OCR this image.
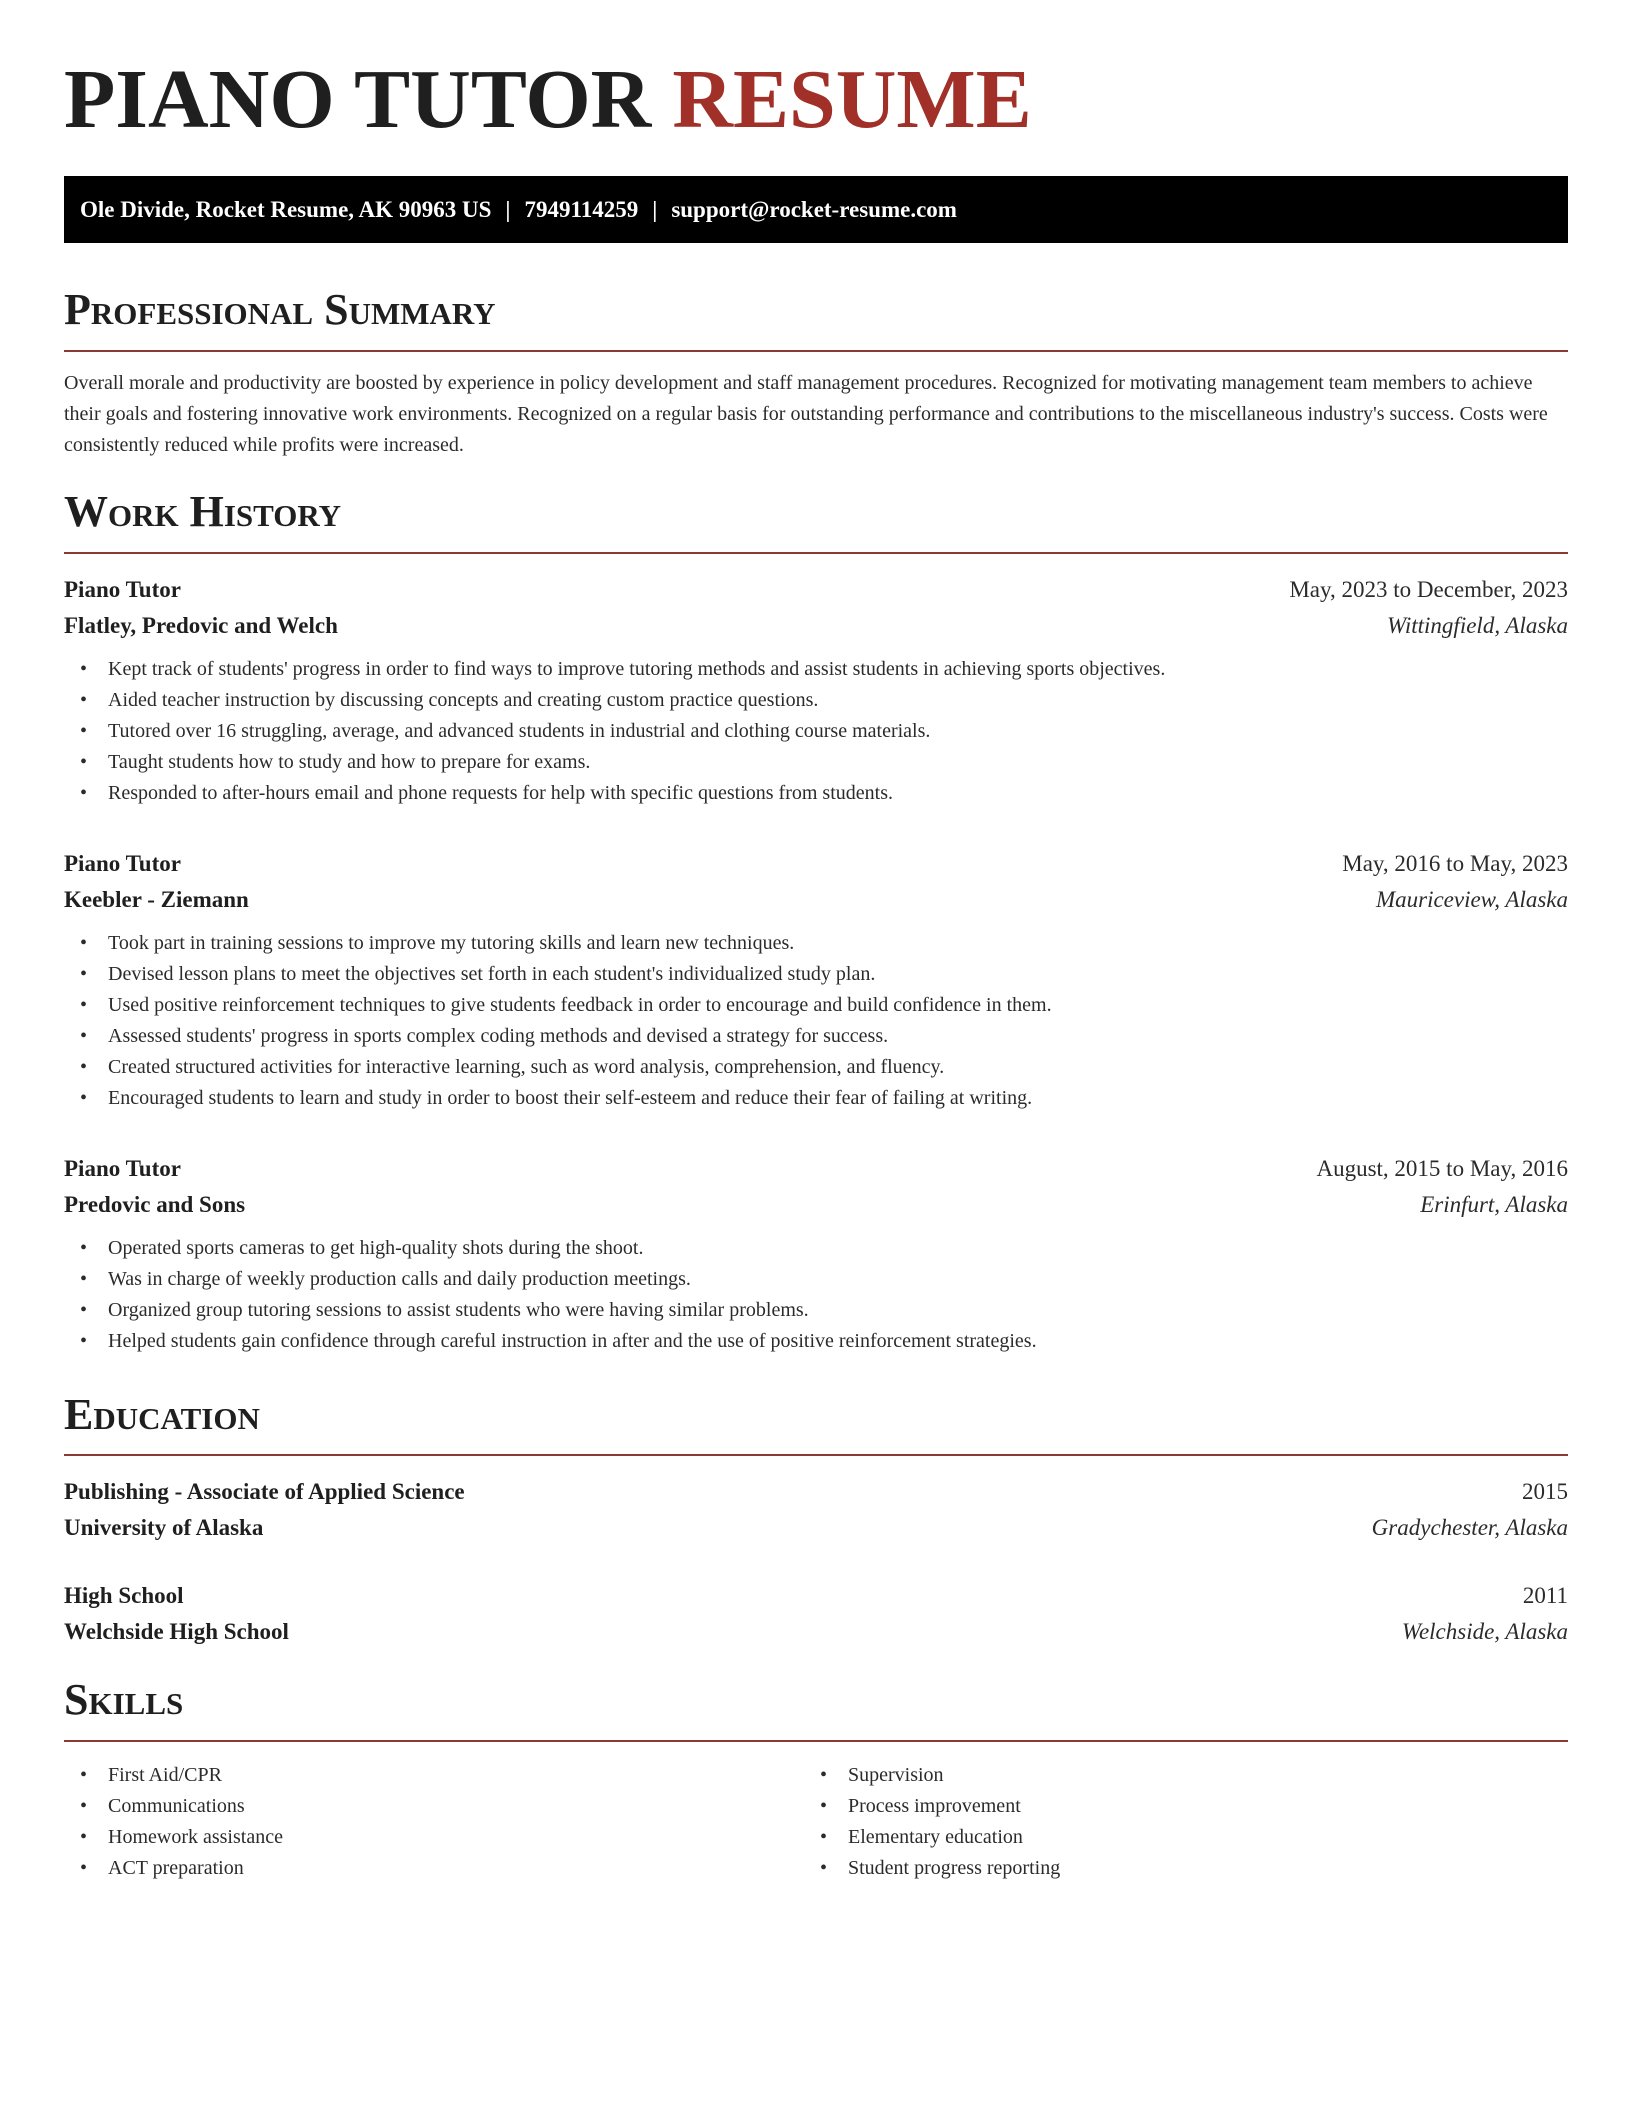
PIANO TUTOR RESUME
Ole Divide, Rocket Resume, AK 90963 US | 7949114259 | support@rocket-resume.com
Professional Summary

Overall morale and productivity are boosted by experience in policy development and staff management procedures. Recognized for motivating management team members to achieve their goals and fostering innovative work environments. Recognized on a regular basis for outstanding performance and contributions to the miscellaneous industry's success. Costs were consistently reduced while profits were increased.

Work History
Piano Tutor	May, 2023 to December, 2023
Flatley, Predovic and Welch	Wittingfield, Alaska
• Kept track of students' progress in order to find ways to improve tutoring methods and assist students in achieving sports objectives.
• Aided teacher instruction by discussing concepts and creating custom practice questions.
• Tutored over 16 struggling, average, and advanced students in industrial and clothing course materials.
• Taught students how to study and how to prepare for exams.
• Responded to after-hours email and phone requests for help with specific questions from students.
Piano Tutor	May, 2016 to May, 2023
Keebler - Ziemann	Mauriceview, Alaska
• Took part in training sessions to improve my tutoring skills and learn new techniques.
• Devised lesson plans to meet the objectives set forth in each student's individualized study plan.
• Used positive reinforcement techniques to give students feedback in order to encourage and build confidence in them.
• Assessed students' progress in sports complex coding methods and devised a strategy for success.
• Created structured activities for interactive learning, such as word analysis, comprehension, and fluency.
• Encouraged students to learn and study in order to boost their self-esteem and reduce their fear of failing at writing.
Piano Tutor	August, 2015 to May, 2016
Predovic and Sons	Erinfurt, Alaska
• Operated sports cameras to get high-quality shots during the shoot.
• Was in charge of weekly production calls and daily production meetings.
• Organized group tutoring sessions to assist students who were having similar problems.
• Helped students gain confidence through careful instruction in after and the use of positive reinforcement strategies.
Education
Publishing - Associate of Applied Science	2015
University of Alaska	Gradychester, Alaska
High School	2011
Welchside High School	Welchside, Alaska
Skills
• First Aid/CPR
• Communications
• Homework assistance
• ACT preparation
• Supervision
• Process improvement
• Elementary education
• Student progress reporting
